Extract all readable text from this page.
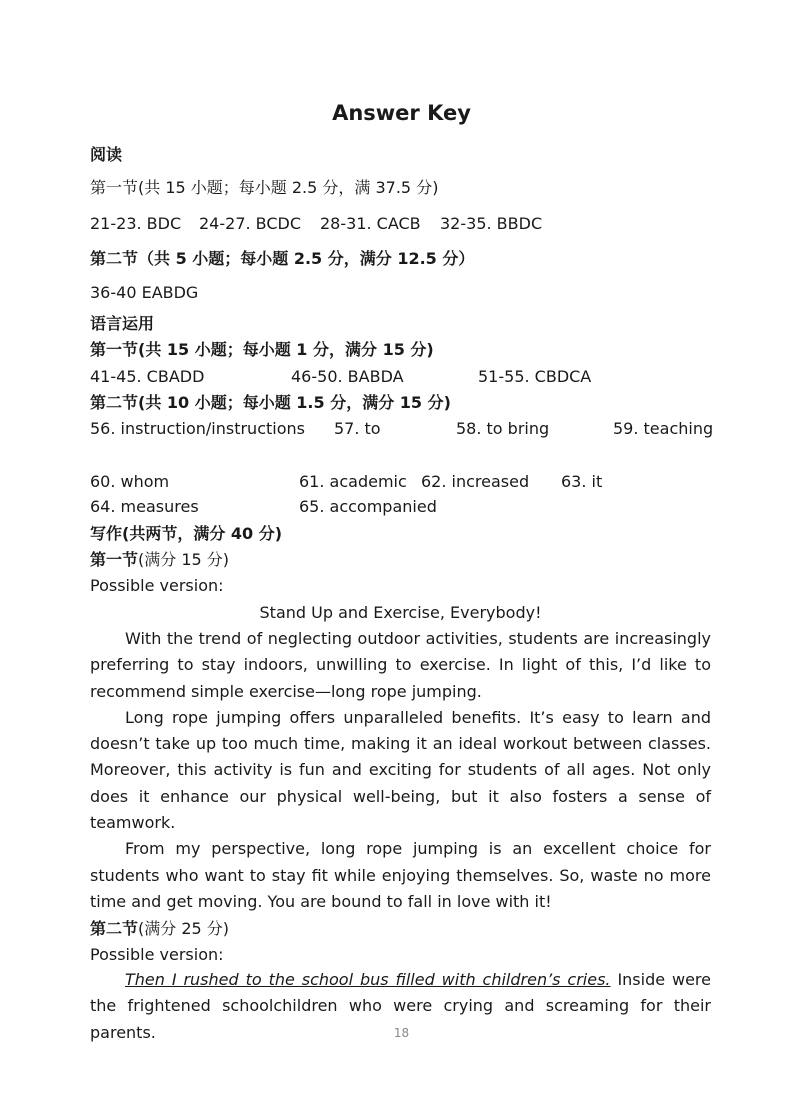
Answer Key
阅读
第一节(共 15 小题；每小题 2.5 分，满 37.5 分)
21-23. BDC 24-27. BCDC 28-31. CACB 32-35. BBDC
第二节（共 5 小题；每小题 2.5 分，满分 12.5 分）
36-40 EABDG
语言运用
第一节(共 15 小题；每小题 1 分，满分 15 分)
41-45. CBADD	46-50. BABDA	51-55. CBDCA
第二节(共 10 小题；每小题 1.5 分，满分 15 分)
56. instruction/instructions 57. to	58. to bring	59. teaching
60. whom	61. academic 62. increased 63. it
64. measures	65. accompanied
写作(共两节，满分 40 分)
第一节(满分 15 分)
Possible version:
Stand Up and Exercise, Everybody!

With the trend of neglecting outdoor activities, students are increasingly preferring to stay indoors, unwilling to exercise. In light of this, I’d like to recommend simple exercise—long rope jumping.

Long rope jumping offers unparalleled benefits. It’s easy to learn and doesn’t take up too much time, making it an ideal workout between classes. Moreover, this activity is fun and exciting for students of all ages. Not only does it enhance our physical well-being, but it also fosters a sense of teamwork.

From my perspective, long rope jumping is an excellent choice for students who want to stay fit while enjoying themselves. So, waste no more time and get moving. You are bound to fall in love with it!

第二节(满分 25 分)
Possible version:

Then I rushed to the school bus filled with children’s cries. Inside were the frightened schoolchildren who were crying and screaming for their parents.	18
